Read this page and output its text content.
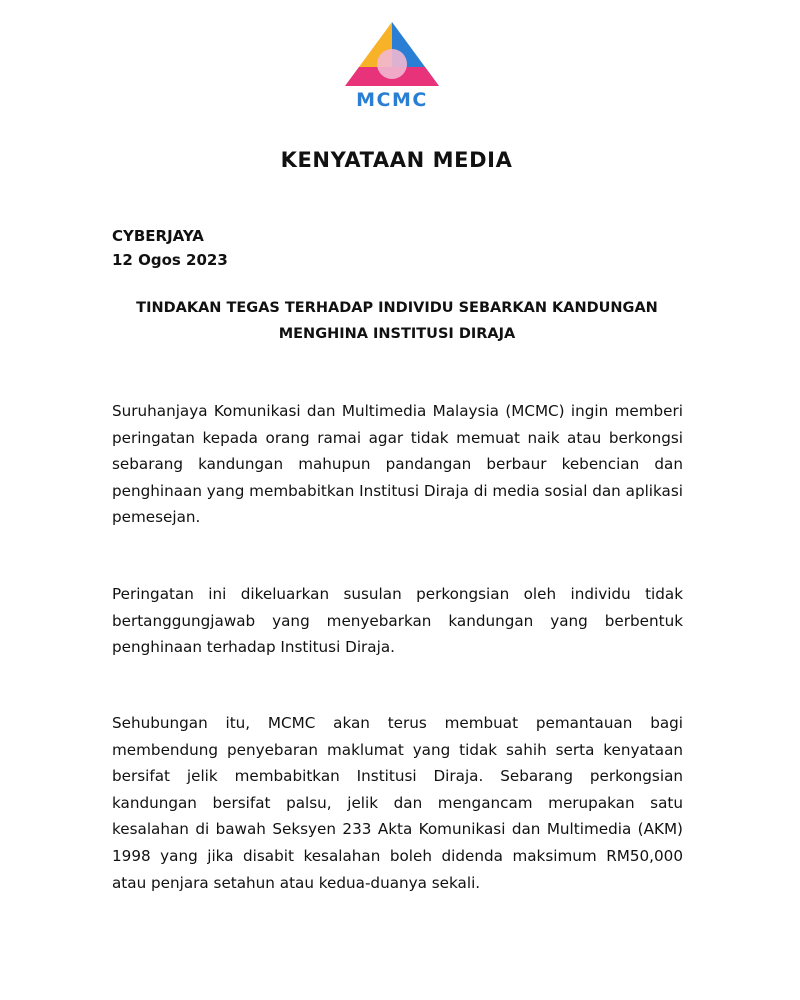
MCMC
KENYATAAN MEDIA
CYBERJAYA
12 Ogos 2023
TINDAKAN TEGAS TERHADAP INDIVIDU SEBARKAN KANDUNGAN
MENGHINA INSTITUSI DIRAJA
Suruhanjaya Komunikasi dan Multimedia Malaysia (MCMC) ingin memberi peringatan kepada orang ramai agar tidak memuat naik atau berkongsi sebarang kandungan mahupun pandangan berbaur kebencian dan penghinaan yang membabitkan Institusi Diraja di media sosial dan aplikasi pemesejan.
Peringatan ini dikeluarkan susulan perkongsian oleh individu tidak bertanggungjawab yang menyebarkan kandungan yang berbentuk penghinaan terhadap Institusi Diraja.
Sehubungan itu, MCMC akan terus membuat pemantauan bagi membendung penyebaran maklumat yang tidak sahih serta kenyataan bersifat jelik membabitkan Institusi Diraja. Sebarang perkongsian kandungan bersifat palsu, jelik dan mengancam merupakan satu kesalahan di bawah Seksyen 233 Akta Komunikasi dan Multimedia (AKM) 1998 yang jika disabit kesalahan boleh didenda maksimum RM50,000 atau penjara setahun atau kedua-duanya sekali.
